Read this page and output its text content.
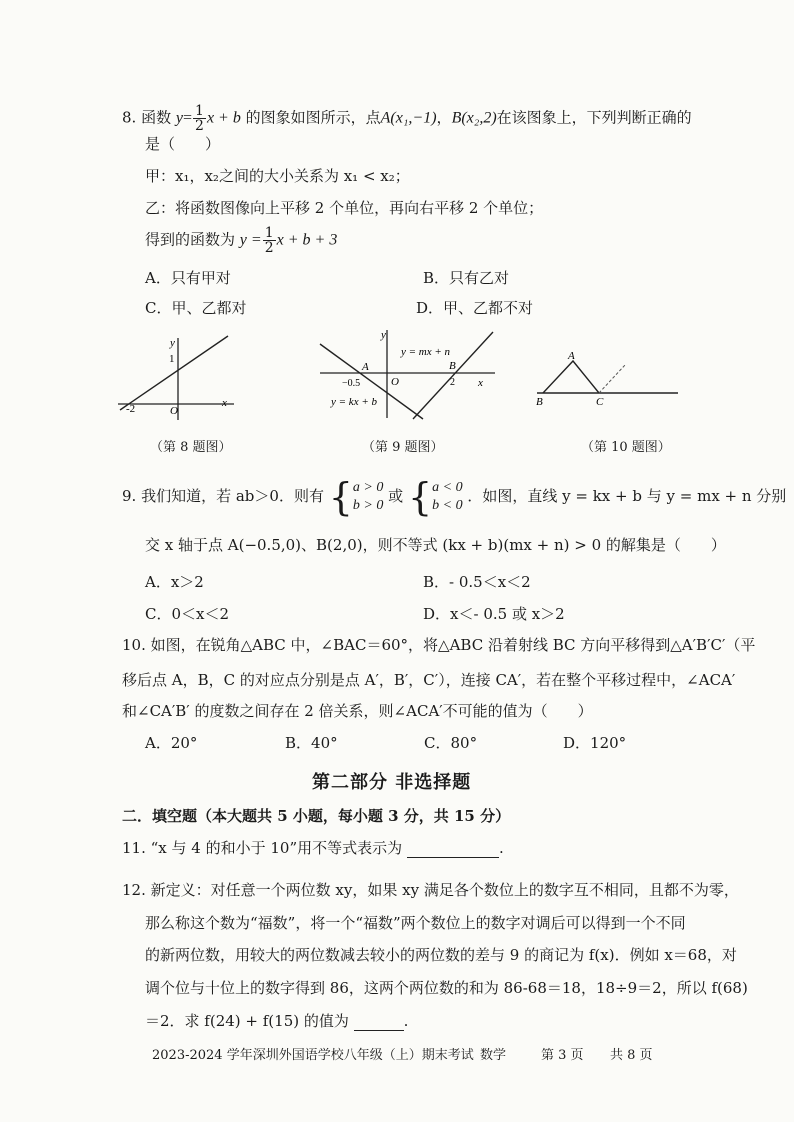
8. 函数 $y= \frac{1}{2}$ x + b 的图象如图所示，点A(x₁,−1)，B(x₂,2)在该图象上，下列判断正确的
是（　　）
甲：x₁，x₂之间的大小关系为 x₁ < x₂；
乙：将函数图像向上平移 2 个单位，再向右平移 2 个单位；
得到的函数为 $y = \frac{1}{2}$ x + b + 3
A．只有甲对	B．只有乙对
C．甲、乙都对	D．甲、乙都不对
y
x
O
1
-2
（第 8 题图）
y
x
O
A	B
−0.5	2
y = mx + n
y = kx + b
（第 9 题图）
A
B	C
（第 10 题图）
9. 我们知道，若 ab＞0．则有 { a > 0
b > 0
或 { a < 0
b < 0
．如图，直线 y = kx + b 与 y = mx + n 分别
交 x 轴于点 A(−0.5,0)、B(2,0)，则不等式 (kx + b)(mx + n) > 0 的解集是（　　）
A．x＞2	B．- 0.5＜x＜2
C．0＜x＜2	D．x＜- 0.5 或 x＞2
10. 如图，在锐角△ABC 中，∠BAC＝60°，将△ABC 沿着射线 BC 方向平移得到△A′B′C′（平
移后点 A，B，C 的对应点分别是点 A′，B′，C′），连接 CA′，若在整个平移过程中，∠ACA′
和∠CA′B′ 的度数之间存在 2 倍关系，则∠ACA′不可能的值为（　　）
A．20°	B．40°	C．80°	D．120°
第二部分 非选择题
二．填空题（本大题共 5 小题，每小题 3 分，共 15 分）
11. “x 与 4 的和小于 10”用不等式表示为	.
12. 新定义：对任意一个两位数 xy，如果 xy 满足各个数位上的数字互不相同，且都不为零，
那么称这个数为“福数”，将一个“福数”两个数位上的数字对调后可以得到一个不同
的新两位数，用较大的两位数减去较小的两位数的差与 9 的商记为 f(x)．例如 x＝68，对
调个位与十位上的数字得到 86，这两个两位数的和为 86-68＝18，18÷9＝2，所以 f(68)
＝2．求 f(24) + f(15) 的值为	.
2023-2024 学年深圳外国语学校八年级（上）期末考试 数学	第 3 页 共 8 页
